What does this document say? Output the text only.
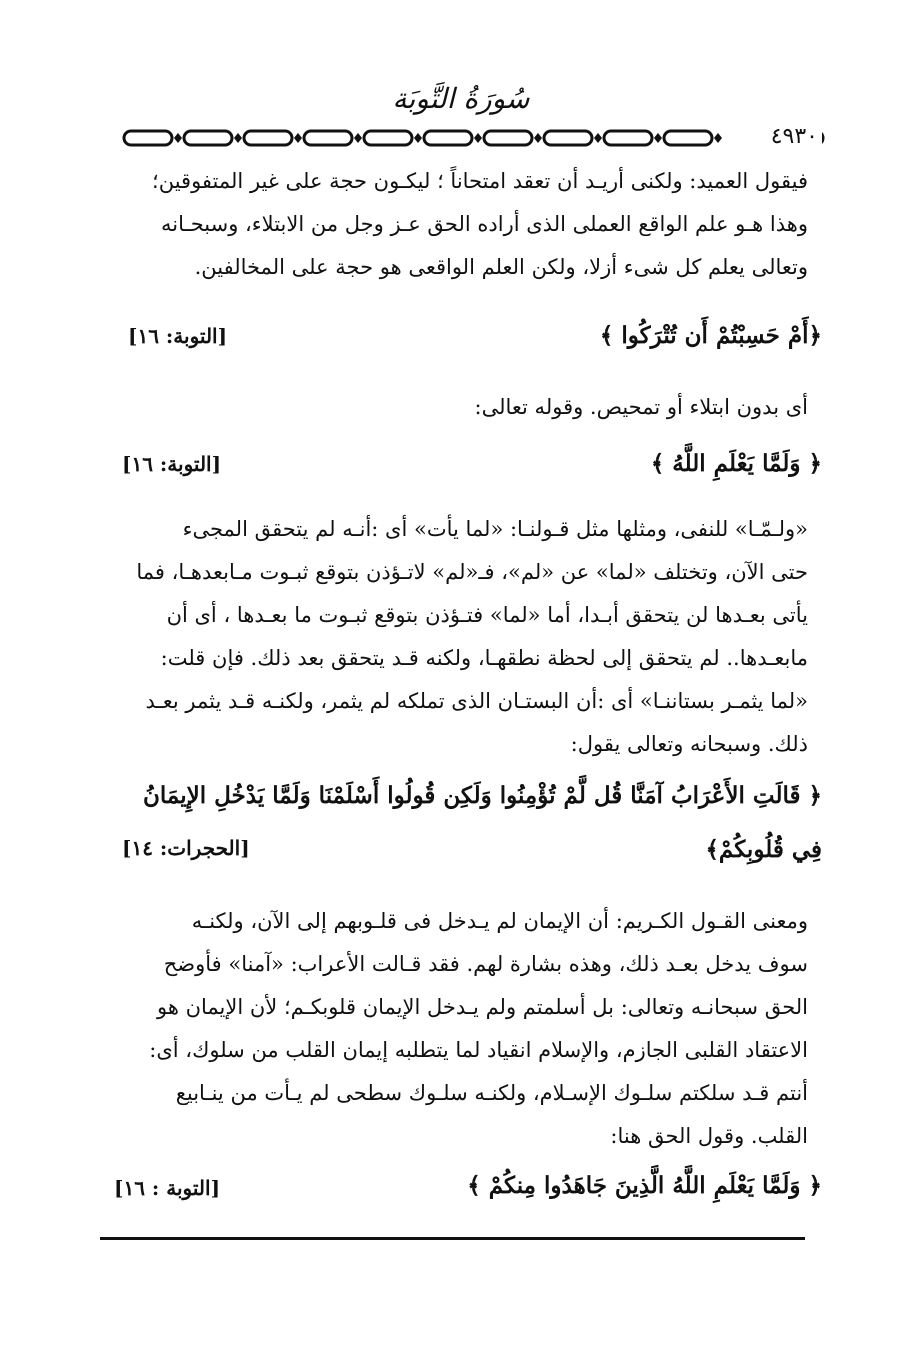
سُورَةُ التَّوبَة
٤٩٣٠
فيقول العميد: ولكنى أريـد أن تعقد امتحاناً ؛ ليكـون حجة على غير المتفوقين؛
وهذا هـو علم الواقع العملى الذى أراده الحق عـز وجل من الابتلاء، وسبحـانه
وتعالى يعلم كل شىء أزلا، ولكن العلم الواقعى هو حجة على المخالفين.
﴿أَمْ حَسِبْتُمْ أَن تُتْرَكُوا ﴾
[التوبة: ١٦]
أى بدون ابتلاء أو تمحيص. وقوله تعالى:
﴿ وَلَمَّا يَعْلَمِ اللَّهُ ﴾
[التوبة: ١٦]
«ولـمّـا» للنفى، ومثلها مثل قـولنـا: «لما يأت» أى :أنـه لم يتحقق المجىء
حتى الآن، وتختلف «لما» عن «لم»، فـ«لم» لاتـؤذن بتوقع ثبـوت مـابعدهـا، فما
يأتى بعـدها لن يتحقق أبـدا، أما «لما» فتـؤذن بتوقع ثبـوت ما بعـدها ، أى أن
مابعـدها.. لم يتحقق إلى لحظة نطقهـا، ولكنه قـد يتحقق بعد ذلك. فإن قلت:
«لما يثمـر بستاننـا» أى :أن البستـان الذى تملكه لم يثمر، ولكنـه قـد يثمر بعـد
ذلك. وسبحانه وتعالى يقول:
﴿ قَالَتِ الأَعْرَابُ آمَنَّا قُل لَّمْ تُؤْمِنُوا وَلَكِن قُولُوا أَسْلَمْنَا وَلَمَّا يَدْخُلِ الإِيمَانُ
فِي قُلُوبِكُمْ﴾
[الحجرات: ١٤]
ومعنى القـول الكـريم: أن الإيمان لم يـدخل فى قلـوبهم إلى الآن، ولكنـه
سوف يدخل بعـد ذلك، وهذه بشارة لهم. فقد قـالت الأعراب: «آمنا» فأوضح
الحق سبحانـه وتعالى: بل أسلمتم ولم يـدخل الإيمان قلوبكـم؛ لأن الإيمان هو
الاعتقاد القلبى الجازم، والإسلام انقياد لما يتطلبه إيمان القلب من سلوك، أى:
أنتم قـد سلكتم سلـوك الإسـلام، ولكنـه سلـوك سطحى لم يـأت من ينـابيع
القلب. وقول الحق هنا:
﴿ وَلَمَّا يَعْلَمِ اللَّهُ الَّذِينَ جَاهَدُوا مِنكُمْ ﴾
[التوبة : ١٦]
